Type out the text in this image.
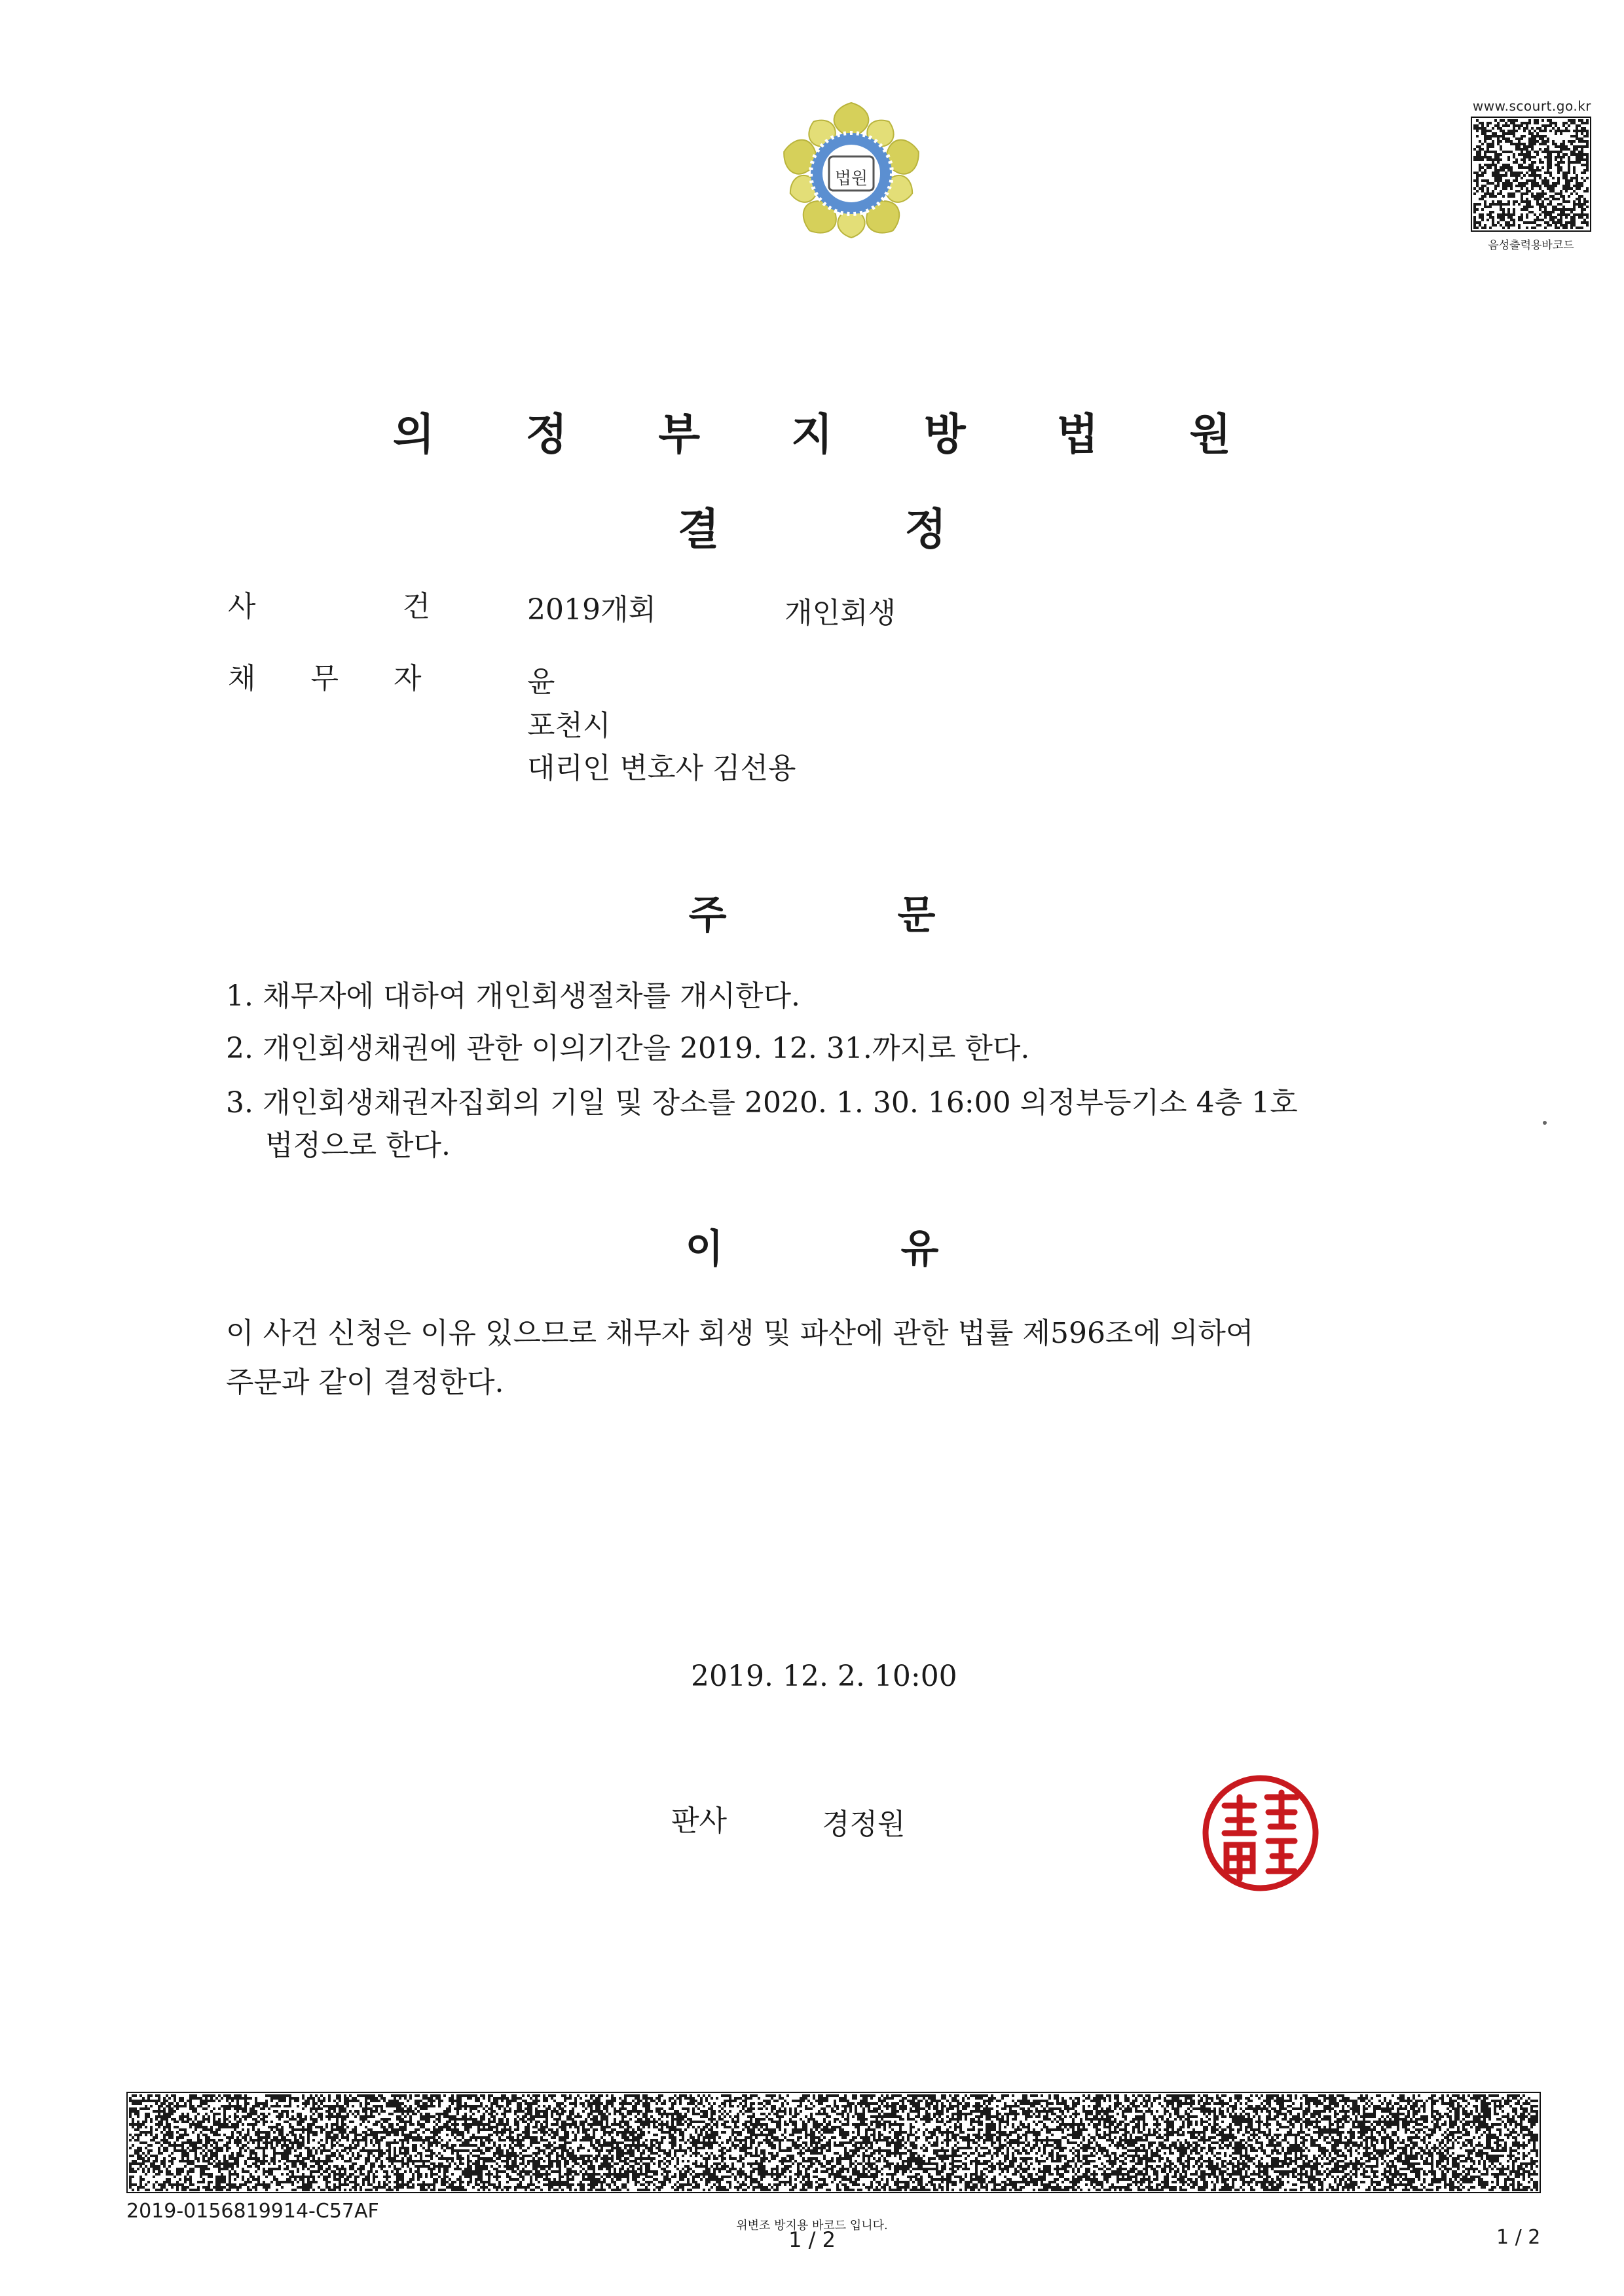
법원
www.scourt.go.kr
음성출력용바코드
의 정 부 지 방 법 원
결 정
사 건	2019개회	개인회생
채 무 자	윤
포천시
대리인 변호사 김선용
주 문
1. 채무자에 대하여 개인회생절차를 개시한다.
2. 개인회생채권에 관한 이의기간을 2019. 12. 31.까지로 한다.
3. 개인회생채권자집회의 기일 및 장소를 2020. 1. 30. 16:00 의정부등기소 4층 1호
법정으로 한다.
이 유
이 사건 신청은 이유 있으므로 채무자 회생 및 파산에 관한 법률 제596조에 의하여
주문과 같이 결정한다.
2019. 12. 2. 10:00
판사	경정원
2019-0156819914-C57AF
위변조 방지용 바코드 입니다.
1 / 2	1 / 2
